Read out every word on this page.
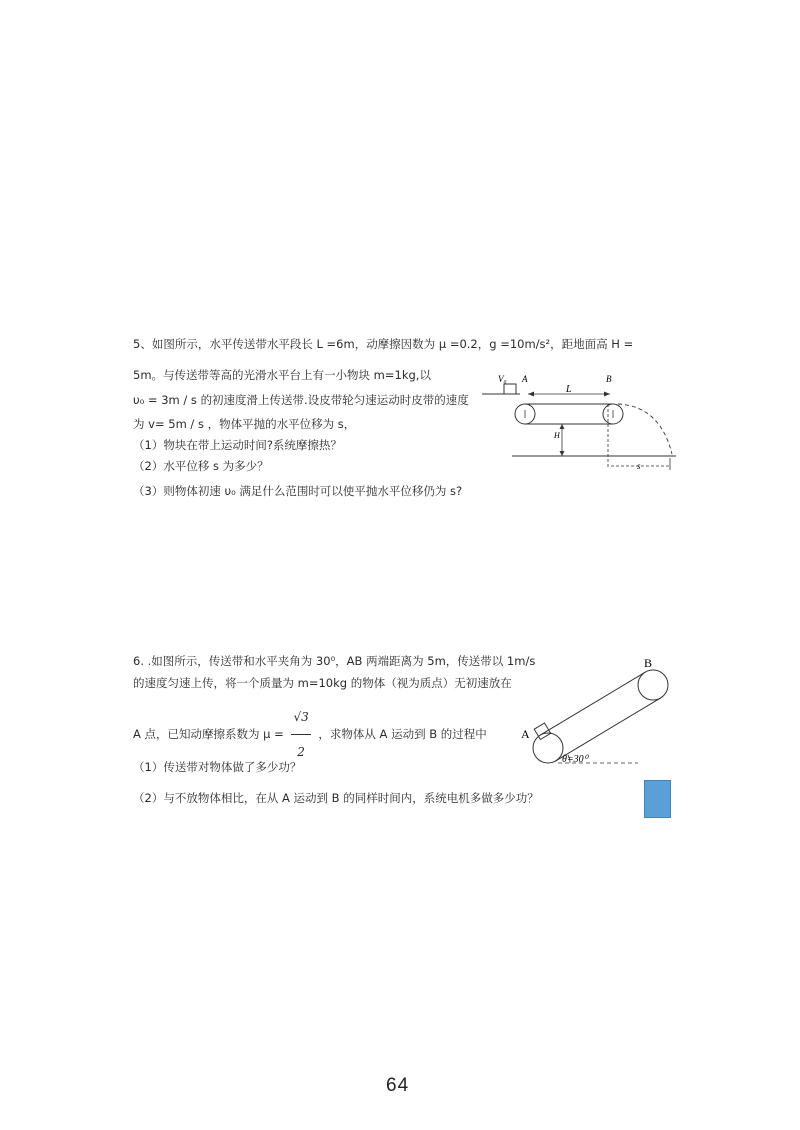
5、如图所示，水平传送带水平段长 L =6m，动摩擦因数为 μ =0.2，g =10m/s²，距地面高 H =
5m。与传送带等高的光滑水平台上有一小物块 m=1kg,以
υ₀ = 3m / s 的初速度滑上传送带.设皮带轮匀速运动时皮带的速度
为 v= 5m / s ，物体平抛的水平位移为 s，
（1）物块在带上运动时间?系统摩擦热？
（2）水平位移 s 为多少？
（3）则物体初速 υ₀ 满足什么范围时可以使平抛水平位移仍为 s?
V₀ A	B
L
H
s
6. .如图所示，传送带和水平夹角为 30⁰，AB 两端距离为 5m，传送带以 1m/s
的速度匀速上传，将一个质量为 m=10kg 的物体（视为质点）无初速放在
A 点，已知动摩擦系数为 $\mu = \frac{√3}{2}$ ，求物体从 A 运动到 B 的过程中
（1）传送带对物体做了多少功？
（2）与不放物体相比，在从 A 运动到 B 的同样时间内，系统电机多做多少功？
A
B
θ=30⁰
64
